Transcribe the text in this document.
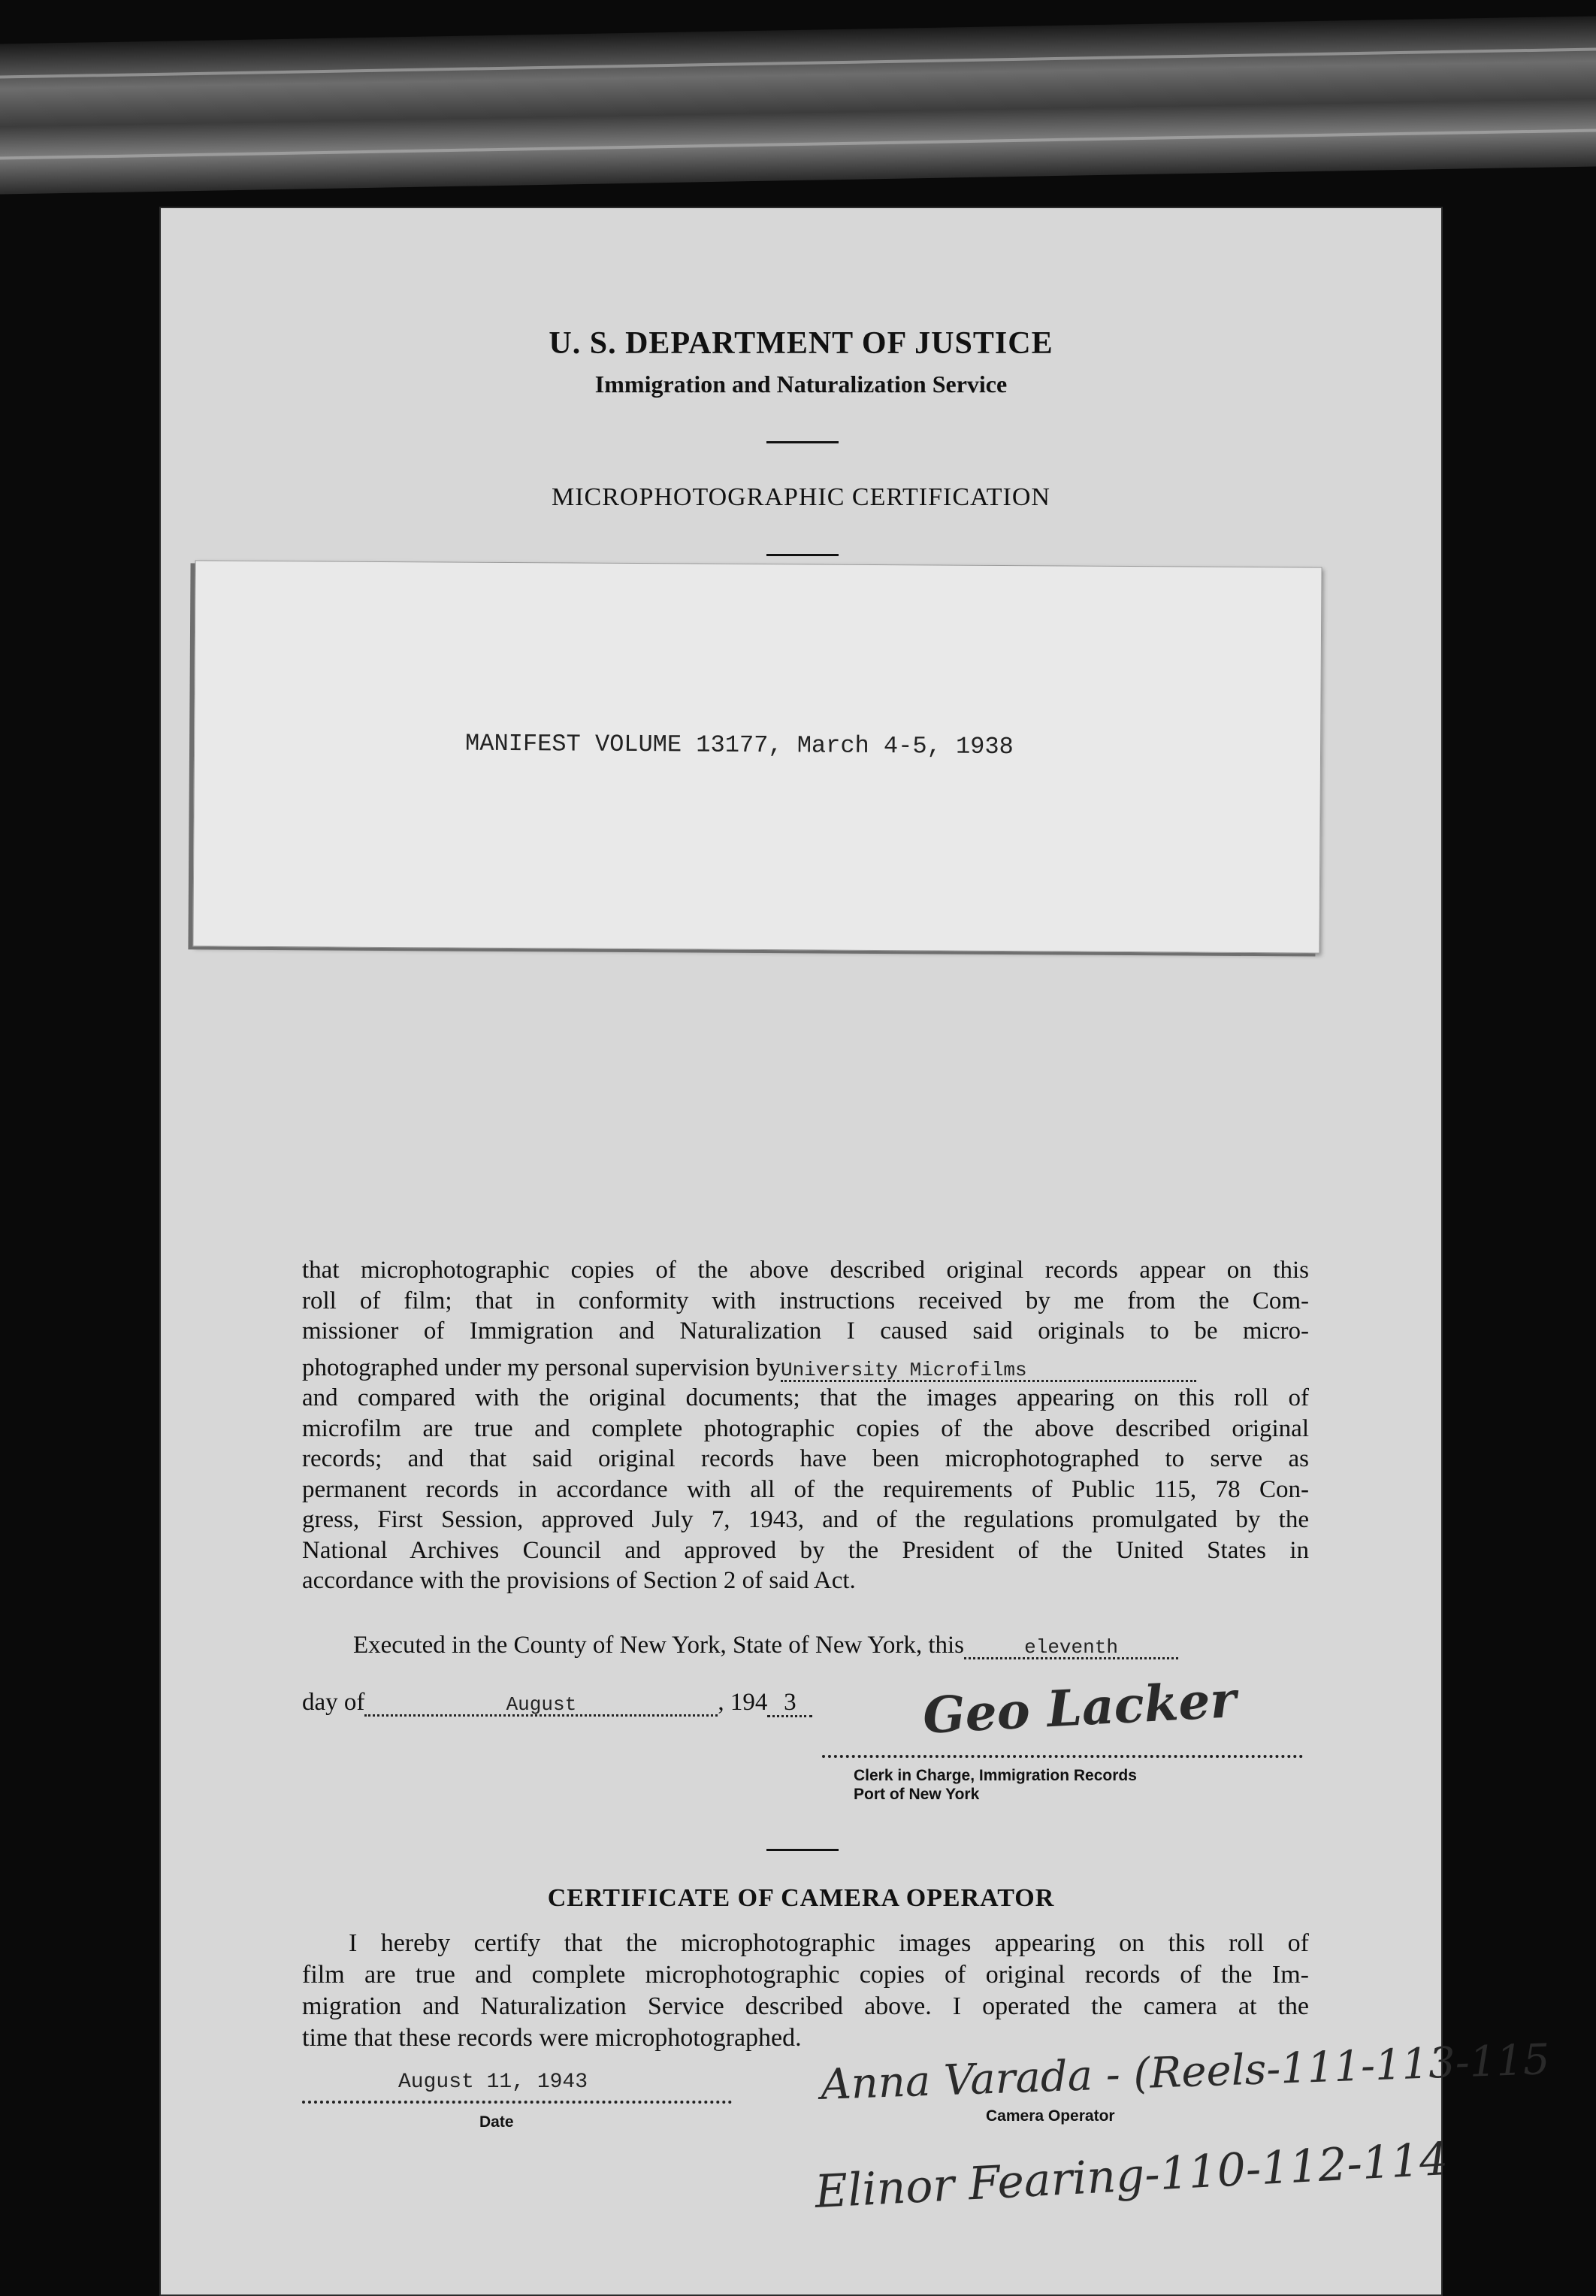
U. S. DEPARTMENT OF JUSTICE
Immigration and Naturalization Service
MICROPHOTOGRAPHIC CERTIFICATION
MANIFEST VOLUME 13177, March 4-5, 1938
that microphotographic copies of the above described original records appear on this
roll of film; that in conformity with instructions received by me from the Com-
missioner of Immigration and Naturalization I caused said originals to be micro-
photographed under my personal supervision byUniversity Microfilms
and compared with the original documents; that the images appearing on this roll of
microfilm are true and complete photographic copies of the above described original
records; and that said original records have been microphotographed to serve as
permanent records in accordance with all of the requirements of Public 115, 78 Con-
gress, First Session, approved July 7, 1943, and of the regulations promulgated by the
National Archives Council and approved by the President of the United States in
accordance with the provisions of Section 2 of said Act.
Executed in the County of New York, State of New York, this	eleventh
day of	August	, 194 3	Geo Lacker
Clerk in Charge, Immigration Records
Port of New York
CERTIFICATE OF CAMERA OPERATOR
I hereby certify that the microphotographic images appearing on this roll of
film are true and complete microphotographic copies of original records of the Im-
migration and Naturalization Service described above. I operated the camera at the
time that these records were microphotographed.
August 11, 1943
Date
Anna Varada - (Reels-111-113-115
Camera Operator
Elinor Fearing-110-112-114
